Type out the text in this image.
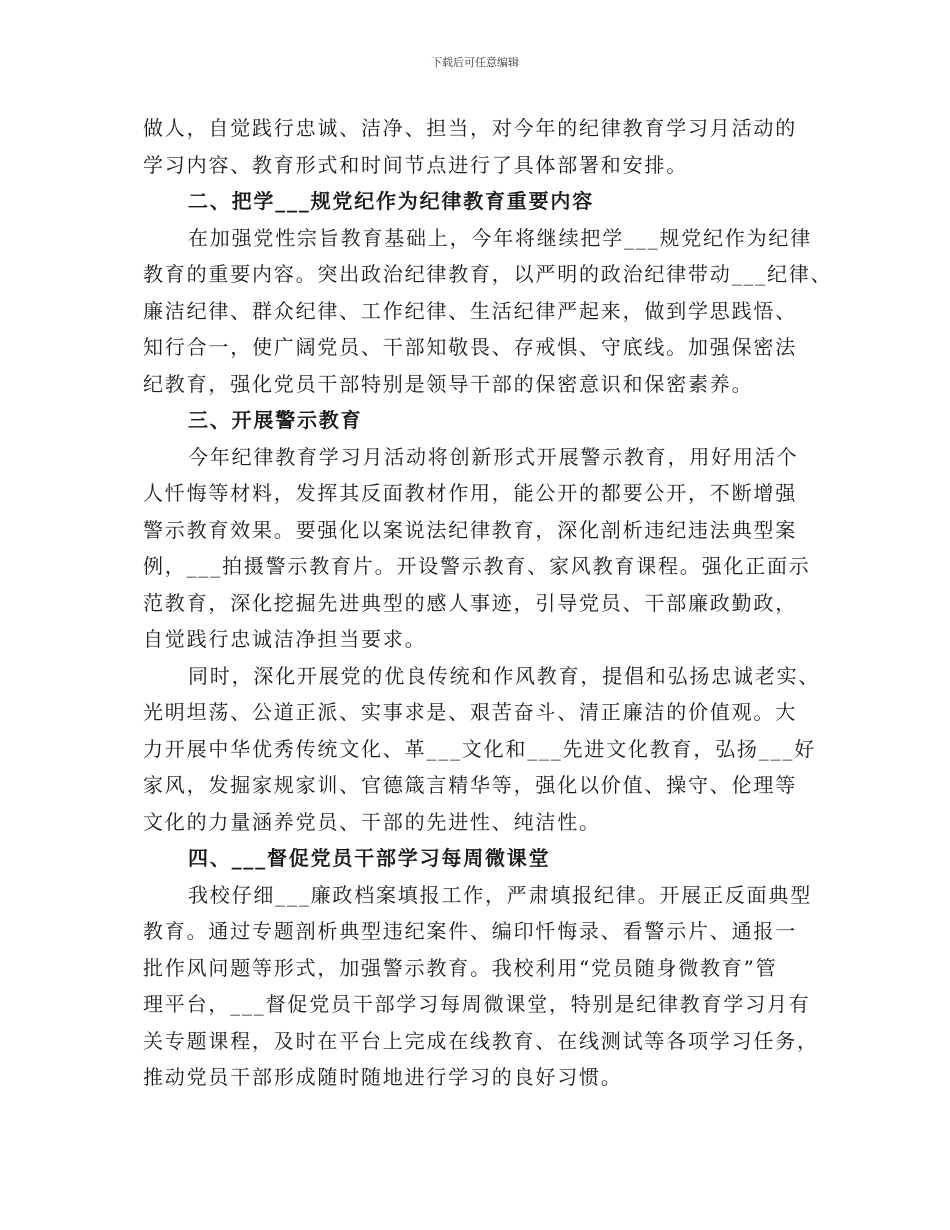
下载后可任意编辑
做人，自觉践行忠诚、洁净、担当，对今年的纪律教育学习月活动的
学习内容、教育形式和时间节点进行了具体部署和安排。
二、把学___规党纪作为纪律教育重要内容
在加强党性宗旨教育基础上，今年将继续把学___规党纪作为纪律
教育的重要内容。突出政治纪律教育，以严明的政治纪律带动___纪律、
廉洁纪律、群众纪律、工作纪律、生活纪律严起来，做到学思践悟、
知行合一，使广阔党员、干部知敬畏、存戒惧、守底线。加强保密法
纪教育，强化党员干部特别是领导干部的保密意识和保密素养。
三、开展警示教育
今年纪律教育学习月活动将创新形式开展警示教育，用好用活个
人忏悔等材料，发挥其反面教材作用，能公开的都要公开，不断增强
警示教育效果。要强化以案说法纪律教育，深化剖析违纪违法典型案
例，___拍摄警示教育片。开设警示教育、家风教育课程。强化正面示
范教育，深化挖掘先进典型的感人事迹，引导党员、干部廉政勤政，
自觉践行忠诚洁净担当要求。
同时，深化开展党的优良传统和作风教育，提倡和弘扬忠诚老实、
光明坦荡、公道正派、实事求是、艰苦奋斗、清正廉洁的价值观。大
力开展中华优秀传统文化、革___文化和___先进文化教育，弘扬___好
家风，发掘家规家训、官德箴言精华等，强化以价值、操守、伦理等
文化的力量涵养党员、干部的先进性、纯洁性。
四、___督促党员干部学习每周微课堂
我校仔细___廉政档案填报工作，严肃填报纪律。开展正反面典型
教育。通过专题剖析典型违纪案件、编印忏悔录、看警示片、通报一
批作风问题等形式，加强警示教育。我校利用“党员随身微教育”管
理平台，___督促党员干部学习每周微课堂，特别是纪律教育学习月有
关专题课程，及时在平台上完成在线教育、在线测试等各项学习任务，
推动党员干部形成随时随地进行学习的良好习惯。
